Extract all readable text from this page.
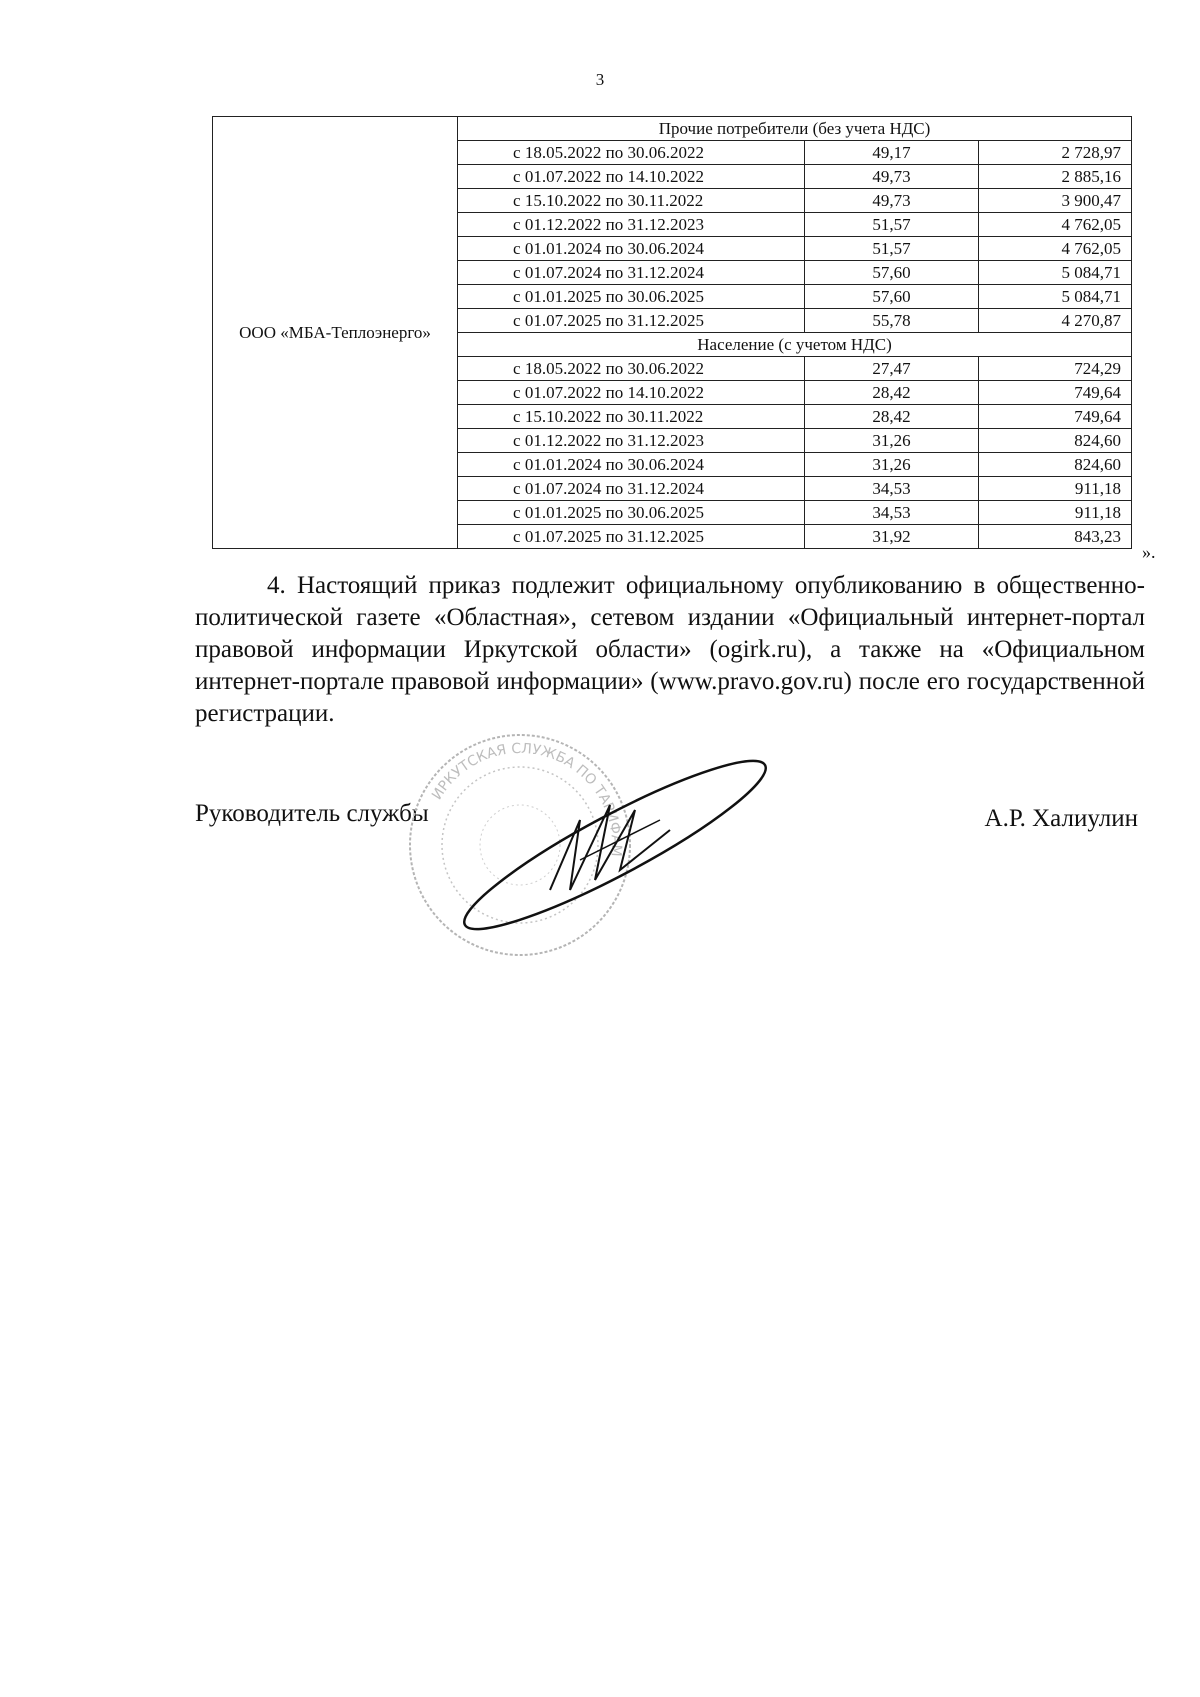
3
ООО «МБА-Теплоэнерго»	Прочие потребители (без учета НДС)		
	с 18.05.2022 по 30.06.2022	49,17	2 728,97
	с 01.07.2022 по 14.10.2022	49,73	2 885,16
	с 15.10.2022 по 30.11.2022	49,73	3 900,47
	с 01.12.2022 по 31.12.2023	51,57	4 762,05
	с 01.01.2024 по 30.06.2024	51,57	4 762,05
	с 01.07.2024 по 31.12.2024	57,60	5 084,71
	с 01.01.2025 по 30.06.2025	57,60	5 084,71
	с 01.07.2025 по 31.12.2025	55,78	4 270,87
	Население (с учетом НДС)		
	с 18.05.2022 по 30.06.2022	27,47	724,29
	с 01.07.2022 по 14.10.2022	28,42	749,64
	с 15.10.2022 по 30.11.2022	28,42	749,64
	с 01.12.2022 по 31.12.2023	31,26	824,60
	с 01.01.2024 по 30.06.2024	31,26	824,60
	с 01.07.2024 по 31.12.2024	34,53	911,18
	с 01.01.2025 по 30.06.2025	34,53	911,18
	с 01.07.2025 по 31.12.2025	31,92	843,23
».
4. Настоящий приказ подлежит официальному опубликованию в общественно-политической газете «Областная», сетевом издании «Официальный интернет-портал правовой информации Иркутской области» (ogirk.ru), а также на «Официальном интернет-портале правовой информации» (www.pravo.gov.ru) после его государственной регистрации.
Руководитель службы	А.Р. Халиулин
ИРКУТСКАЯ СЛУЖБА ПО ТАРИФАМ
